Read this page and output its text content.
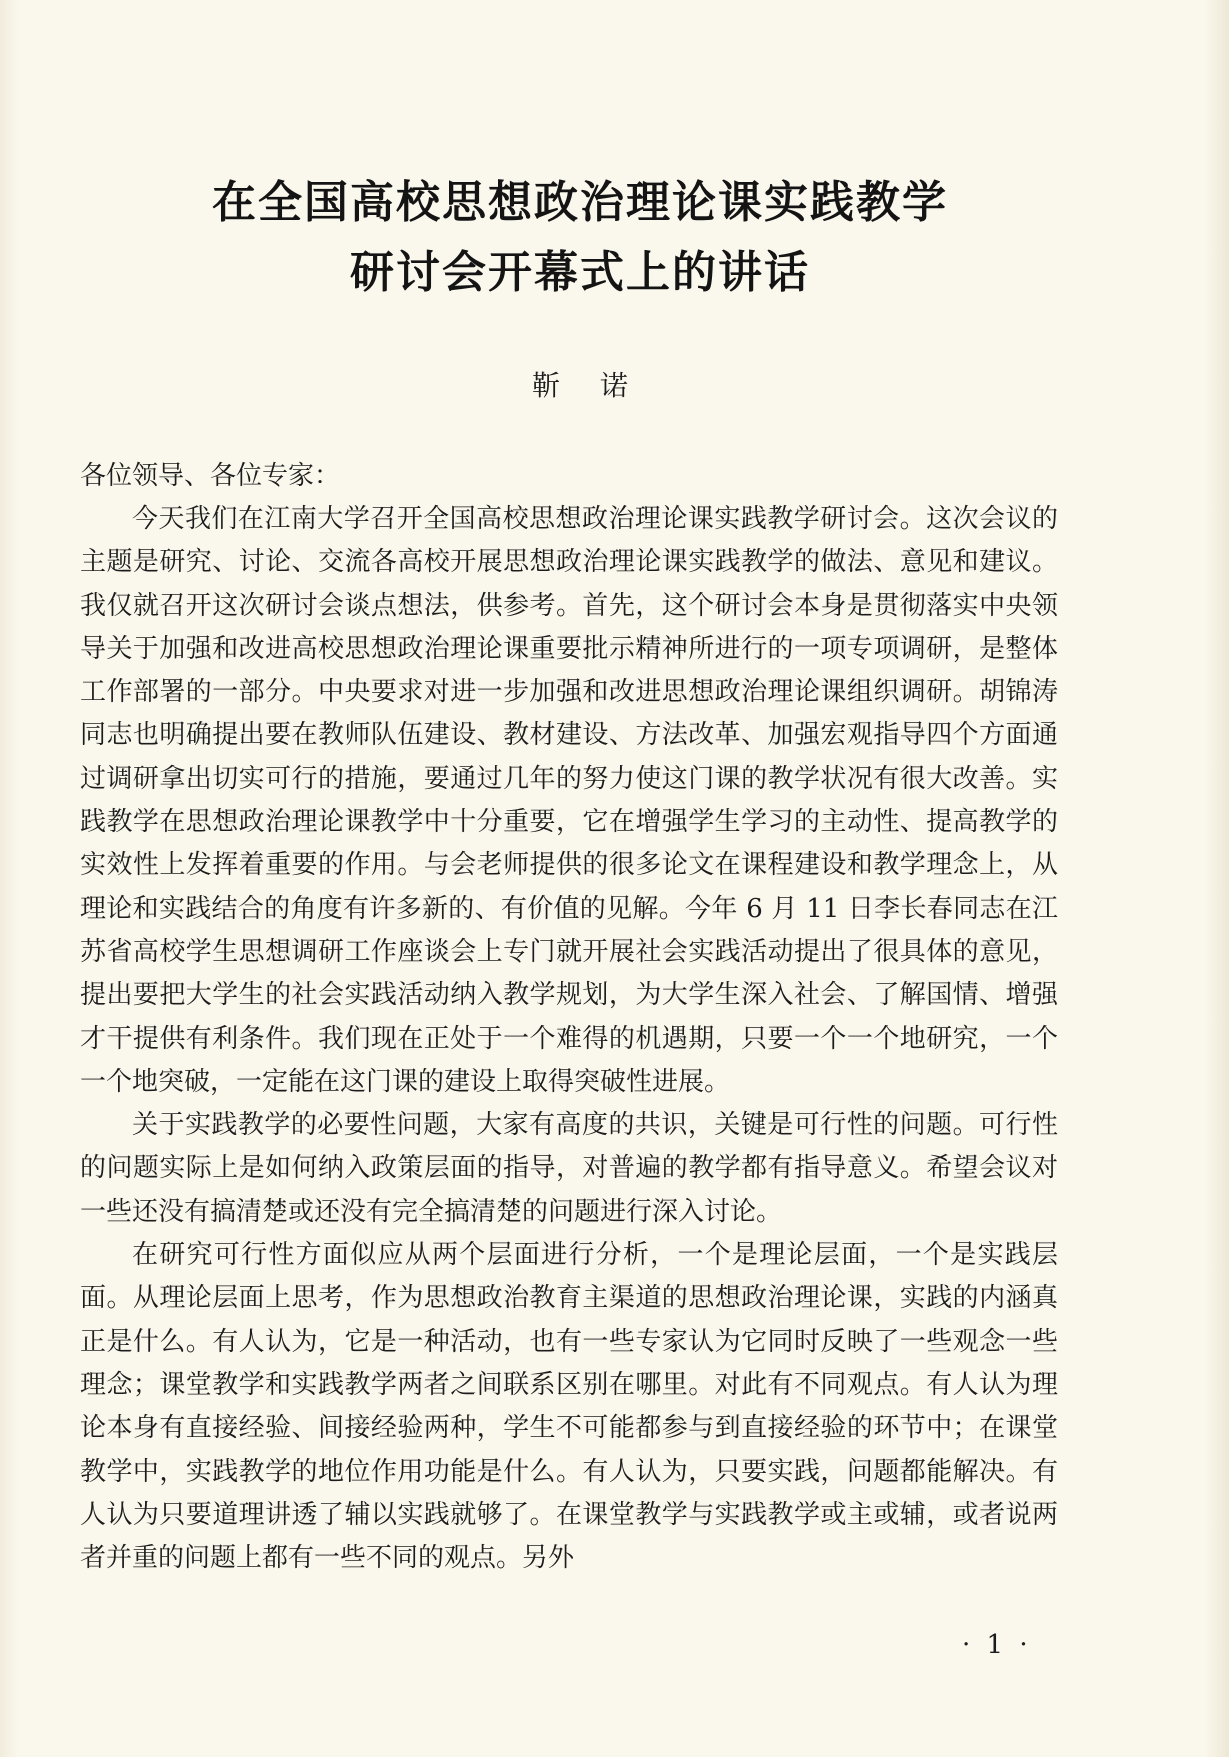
在全国高校思想政治理论课实践教学
研讨会开幕式上的讲话
靳诺
各位领导、各位专家：

今天我们在江南大学召开全国高校思想政治理论课实践教学研讨会。这次会议的主题是研究、讨论、交流各高校开展思想政治理论课实践教学的做法、意见和建议。我仅就召开这次研讨会谈点想法，供参考。首先，这个研讨会本身是贯彻落实中央领导关于加强和改进高校思想政治理论课重要批示精神所进行的一项专项调研，是整体工作部署的一部分。中央要求对进一步加强和改进思想政治理论课组织调研。胡锦涛同志也明确提出要在教师队伍建设、教材建设、方法改革、加强宏观指导四个方面通过调研拿出切实可行的措施，要通过几年的努力使这门课的教学状况有很大改善。实践教学在思想政治理论课教学中十分重要，它在增强学生学习的主动性、提高教学的实效性上发挥着重要的作用。与会老师提供的很多论文在课程建设和教学理念上，从理论和实践结合的角度有许多新的、有价值的见解。今年 6 月 11 日李长春同志在江苏省高校学生思想调研工作座谈会上专门就开展社会实践活动提出了很具体的意见，提出要把大学生的社会实践活动纳入教学规划，为大学生深入社会、了解国情、增强才干提供有利条件。我们现在正处于一个难得的机遇期，只要一个一个地研究，一个一个地突破，一定能在这门课的建设上取得突破性进展。

关于实践教学的必要性问题，大家有高度的共识，关键是可行性的问题。可行性的问题实际上是如何纳入政策层面的指导，对普遍的教学都有指导意义。希望会议对一些还没有搞清楚或还没有完全搞清楚的问题进行深入讨论。

在研究可行性方面似应从两个层面进行分析，一个是理论层面，一个是实践层面。从理论层面上思考，作为思想政治教育主渠道的思想政治理论课，实践的内涵真正是什么。有人认为，它是一种活动，也有一些专家认为它同时反映了一些观念一些理念；课堂教学和实践教学两者之间联系区别在哪里。对此有不同观点。有人认为理论本身有直接经验、间接经验两种，学生不可能都参与到直接经验的环节中；在课堂教学中，实践教学的地位作用功能是什么。有人认为，只要实践，问题都能解决。有人认为只要道理讲透了辅以实践就够了。在课堂教学与实践教学或主或辅，或者说两者并重的问题上都有一些不同的观点。另外

· 1 ·
